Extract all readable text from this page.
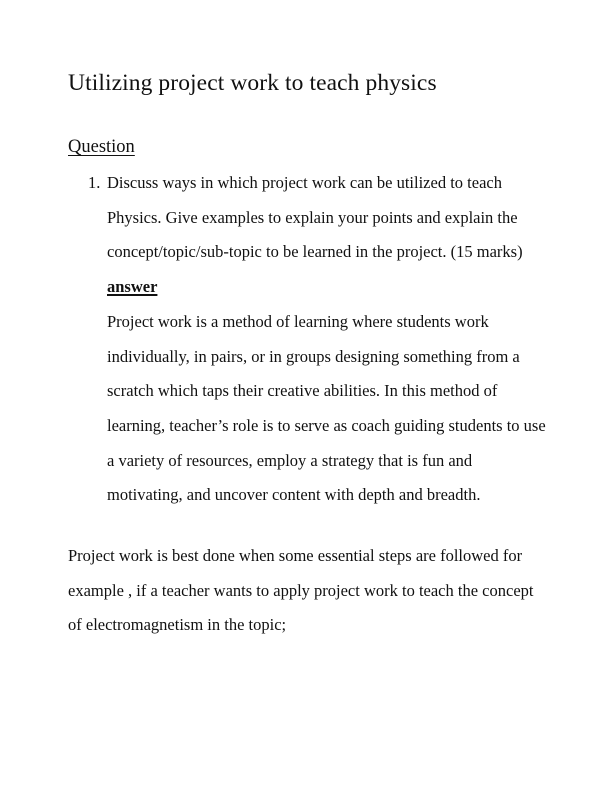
Utilizing project work to teach physics
Question
1. Discuss ways in which project work can be utilized to teach Physics. Give examples to explain your points and explain the concept/topic/sub-topic to be learned in the project. (15 marks)

answer

Project work is a method of learning where students work individually, in pairs, or in groups designing something from a scratch which taps their creative abilities. In this method of learning, teacher’s role is to serve as coach guiding students to use a variety of resources, employ a strategy that is fun and motivating, and uncover content with depth and breadth.

Project work is best done when some essential steps are followed for example , if a teacher wants to apply project work to teach the concept of electromagnetism in the topic;
